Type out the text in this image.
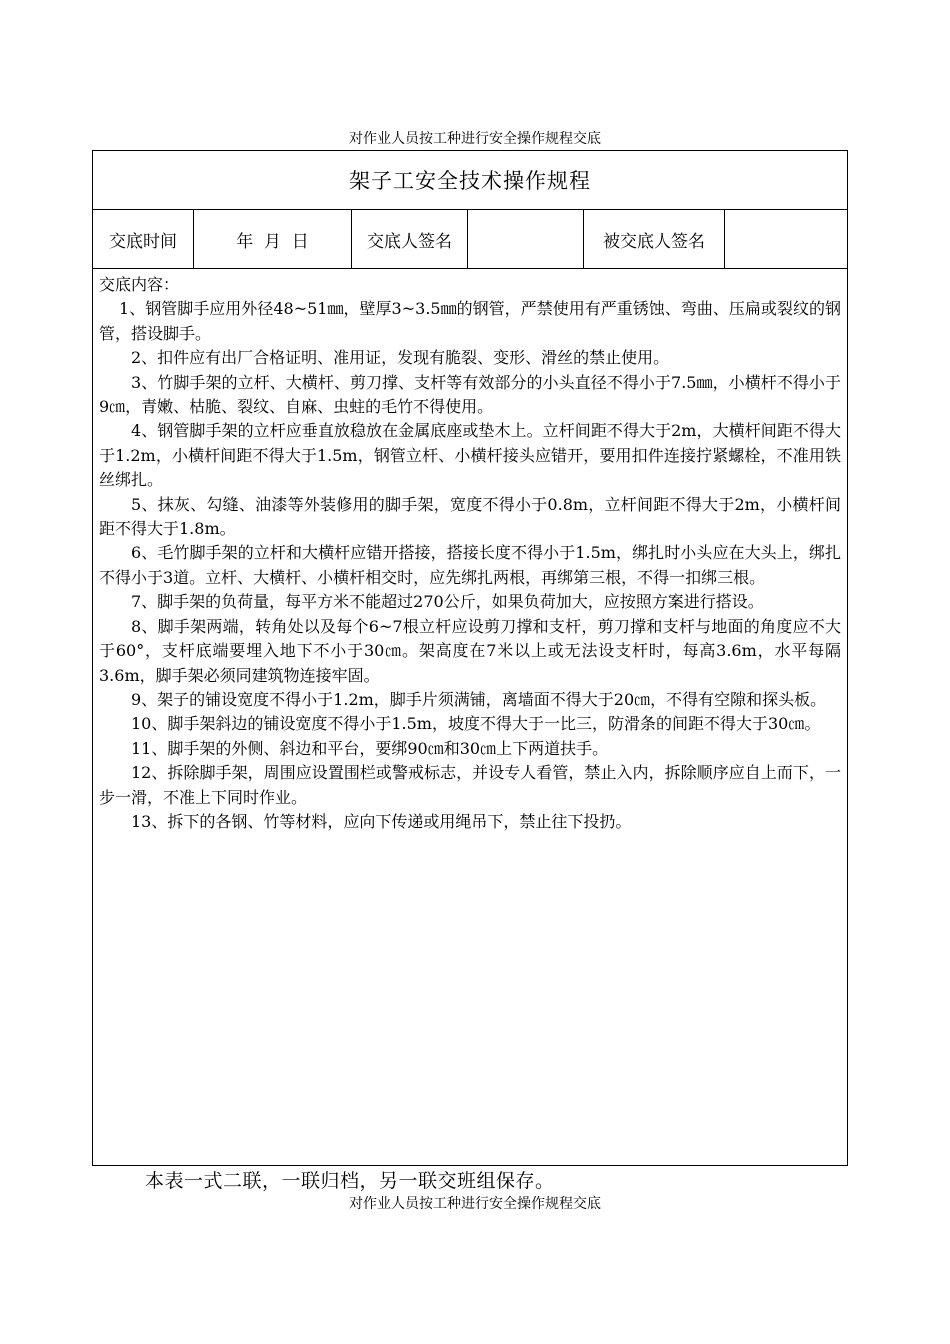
对作业人员按工种进行安全操作规程交底
架子工安全技术操作规程
交底时间	年  月  日	交底人签名	被交底人签名
交底内容：

1、钢管脚手应用外径48~51㎜，壁厚3~3.5㎜的钢管，严禁使用有严重锈蚀、弯曲、压扁或裂纹的钢管，搭设脚手。

2、扣件应有出厂合格证明、准用证，发现有脆裂、变形、滑丝的禁止使用。

3、竹脚手架的立杆、大横杆、剪刀撑、支杆等有效部分的小头直径不得小于7.5㎜，小横杆不得小于9㎝，青嫩、枯脆、裂纹、自麻、虫蛀的毛竹不得使用。

4、钢管脚手架的立杆应垂直放稳放在金属底座或垫木上。立杆间距不得大于2m，大横杆间距不得大于1.2m，小横杆间距不得大于1.5m，钢管立杆、小横杆接头应错开，要用扣件连接拧紧螺栓，不准用铁丝绑扎。

5、抹灰、勾缝、油漆等外装修用的脚手架，宽度不得小于0.8m，立杆间距不得大于2m，小横杆间距不得大于1.8m。

6、毛竹脚手架的立杆和大横杆应错开搭接，搭接长度不得小于1.5m，绑扎时小头应在大头上，绑扎不得小于3道。立杆、大横杆、小横杆相交时，应先绑扎两根，再绑第三根，不得一扣绑三根。

7、脚手架的负荷量，每平方米不能超过270公斤，如果负荷加大，应按照方案进行搭设。

8、脚手架两端，转角处以及每个6~7根立杆应设剪刀撑和支杆，剪刀撑和支杆与地面的角度应不大于60°，支杆底端要埋入地下不小于30㎝。架高度在7米以上或无法设支杆时，每高3.6m，水平每隔3.6m，脚手架必须同建筑物连接牢固。

9、架子的铺设宽度不得小于1.2m，脚手片须满铺，离墙面不得大于20㎝，不得有空隙和探头板。

10、脚手架斜边的铺设宽度不得小于1.5m，坡度不得大于一比三，防滑条的间距不得大于30㎝。

11、脚手架的外侧、斜边和平台，要绑90㎝和30㎝上下两道扶手。

12、拆除脚手架，周围应设置围栏或警戒标志，并设专人看管，禁止入内，拆除顺序应自上而下，一步一滑，不准上下同时作业。

13、拆下的各钢、竹等材料，应向下传递或用绳吊下，禁止往下投扔。

本表一式二联，一联归档，另一联交班组保存。
对作业人员按工种进行安全操作规程交底
